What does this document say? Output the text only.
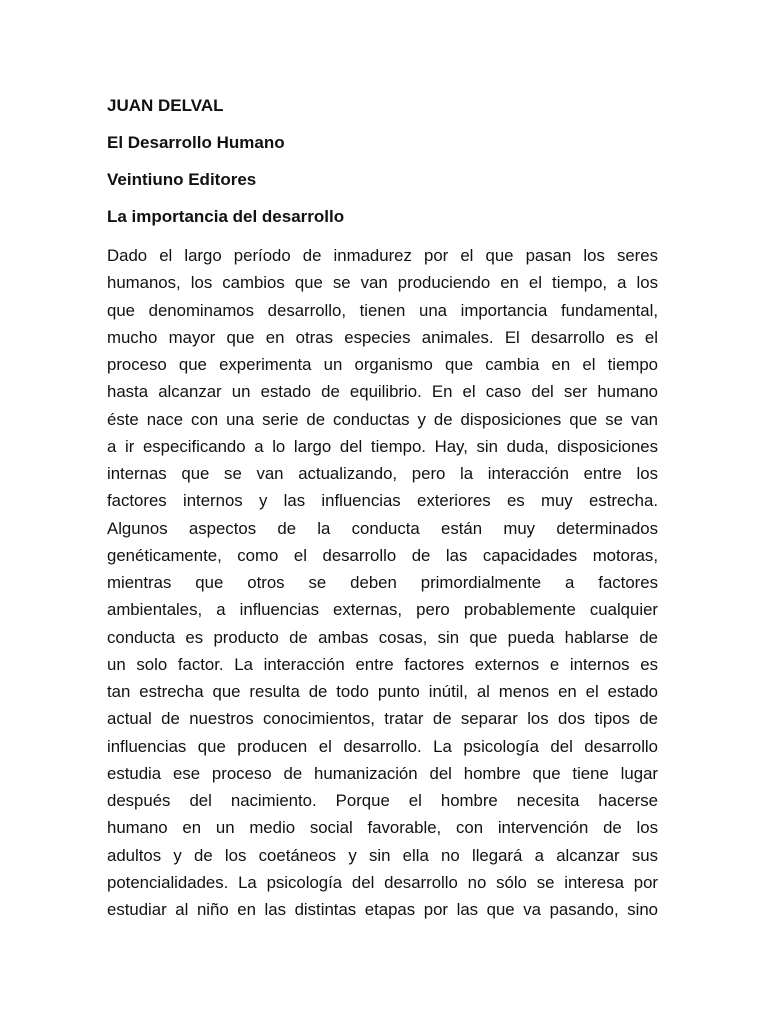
JUAN DELVAL
El Desarrollo Humano
Veintiuno Editores
La importancia del desarrollo
Dado el largo período de inmadurez por el que pasan los seres
humanos, los cambios que se van produciendo en el tiempo, a los
que denominamos desarrollo, tienen una importancia fundamental,
mucho mayor que en otras especies animales. El desarrollo es el
proceso que experimenta un organismo que cambia en el tiempo
hasta alcanzar un estado de equilibrio. En el caso del ser humano
éste nace con una serie de conductas y de disposiciones que se van
a ir especificando a lo largo del tiempo. Hay, sin duda, disposiciones
internas que se van actualizando, pero la interacción entre los
factores internos y las influencias exteriores es muy estrecha.
Algunos aspectos de la conducta están muy determinados
genéticamente, como el desarrollo de las capacidades motoras,
mientras que otros se deben primordialmente a factores
ambientales, a influencias externas, pero probablemente cualquier
conducta es producto de ambas cosas, sin que pueda hablarse de
un solo factor. La interacción entre factores externos e internos es
tan estrecha que resulta de todo punto inútil, al menos en el estado
actual de nuestros conocimientos, tratar de separar los dos tipos de
influencias que producen el desarrollo. La psicología del desarrollo
estudia ese proceso de humanización del hombre que tiene lugar
después del nacimiento. Porque el hombre necesita hacerse
humano en un medio social favorable, con intervención de los
adultos y de los coetáneos y sin ella no llegará a alcanzar sus
potencialidades. La psicología del desarrollo no sólo se interesa por
estudiar al niño en las distintas etapas por las que va pasando, sino
